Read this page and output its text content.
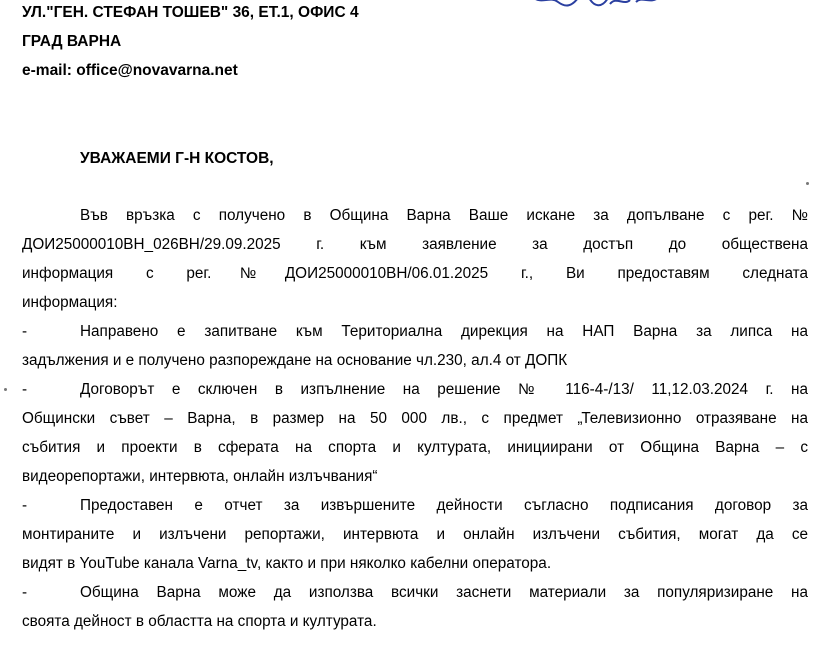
УЛ."ГЕН. СТЕФАН ТОШЕВ" 36, ЕТ.1, ОФИС 4
ГРАД ВАРНА
e-mail: office@novavarna.net
УВАЖАЕМИ Г-Н КОСТОВ,
Във връзка с получено в Община Варна Ваше искане за допълване с рег. №
ДОИ25000010ВН_026ВН/29.09.2025 г. към заявление за достъп до обществена
информация с рег.№ДОИ25000010ВН/06.01.2025 г., Ви предоставям следната
информация:
-	Направено е запитване към Териториална дирекция на НАП Варна за липса на
задължения и е получено разпореждане на основание чл.230, ал.4 от ДОПК
-	Договорът е сключен в изпълнение на решение № 116-4-/13/ 11,12.03.2024 г. на
Общински съвет – Варна, в размер на 50 000 лв., с предмет „Телевизионно отразяване на
събития и проекти в сферата на спорта и културата, инициирани от Община Варна – с
видеорепортажи, интервюта, онлайн излъчвания“
-	Предоставен е отчет за извършените дейности съгласно подписания договор за
монтираните и излъчени репортажи, интервюта и онлайн излъчени събития, могат да се
видят в YouTube канала Varna_tv, както и при няколко кабелни оператора.
-	Община Варна може да използва всички заснети материали за популяризиране на
своята дейност в областта на спорта и културата.
